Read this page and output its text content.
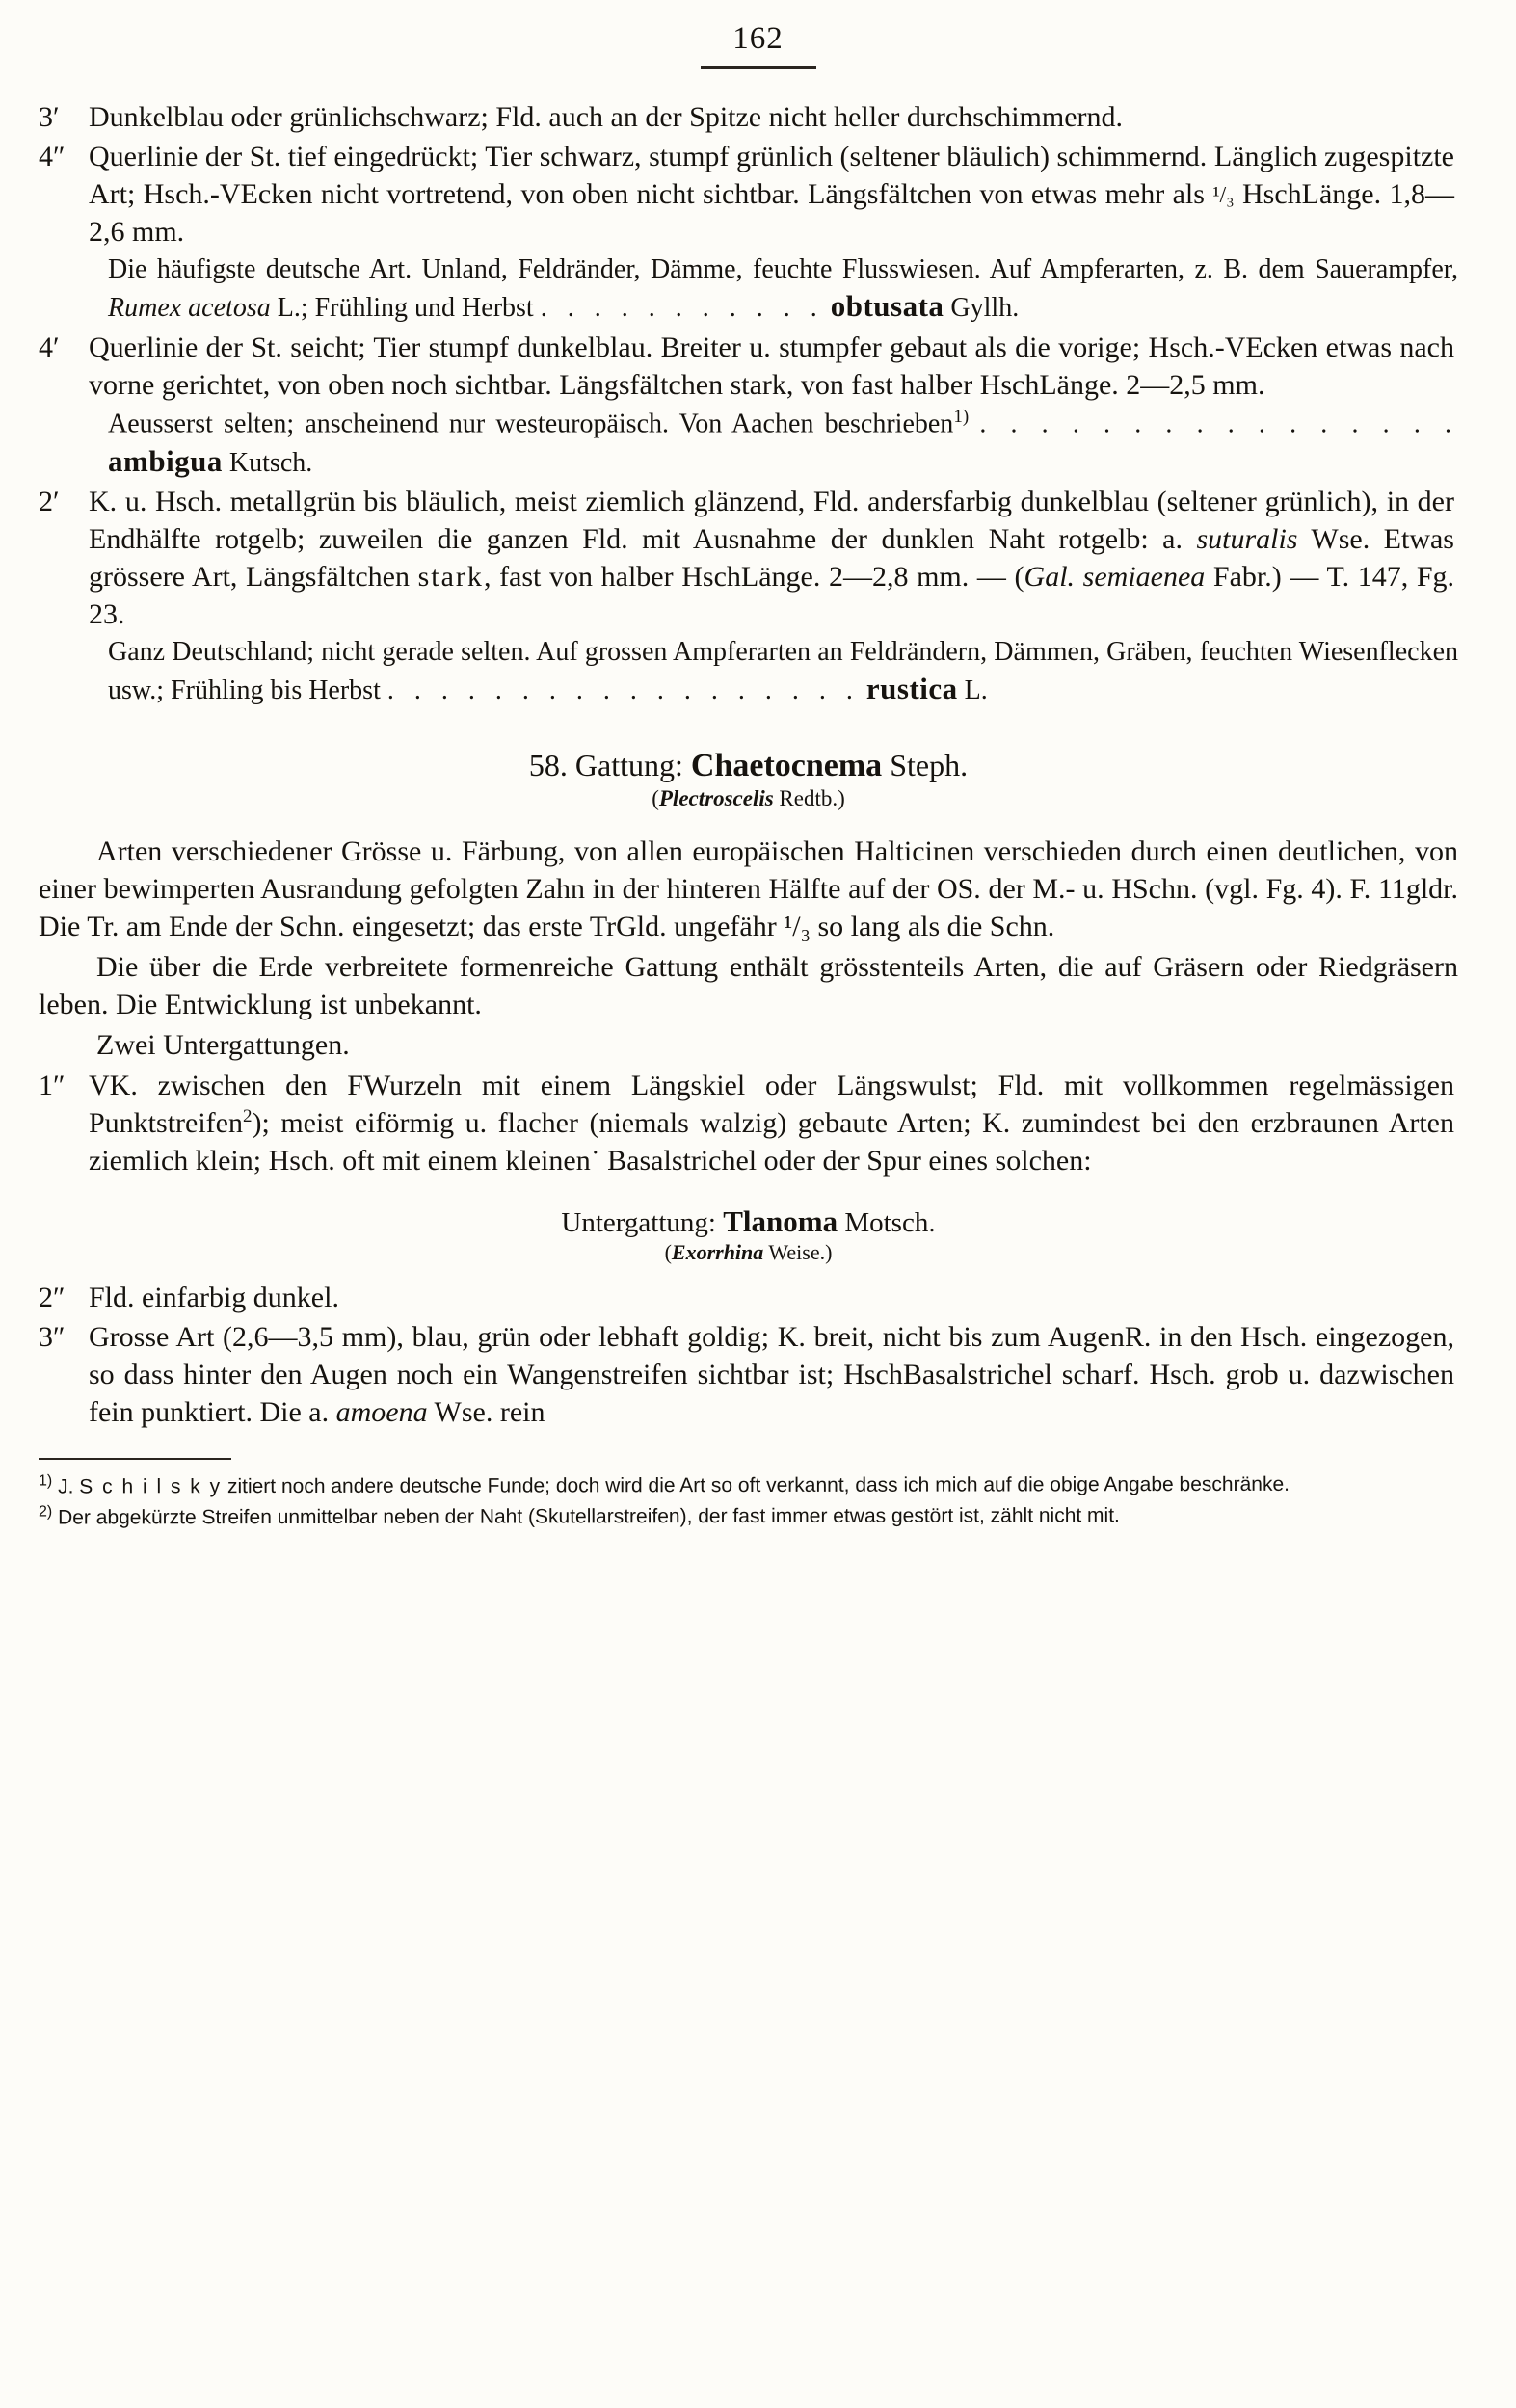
162
3′ Dunkelblau oder grünlichschwarz; Fld. auch an der Spitze nicht heller durchschimmernd.
4″ Querlinie der St. tief eingedrückt; Tier schwarz, stumpf grünlich (seltener bläulich) schimmernd. Länglich zugespitzte Art; Hsch.-VEcken nicht vortretend, von oben nicht sichtbar. Längsfältchen von etwas mehr als ¹/₃ HschLänge. 1,8—2,6 mm.
Die häufigste deutsche Art. Unland, Feldränder, Dämme, feuchte Flusswiesen. Auf Ampferarten, z. B. dem Sauerampfer, Rumex acetosa L.; Frühling und Herbst . . . . . . . . . . . obtusata Gyllh.
4′ Querlinie der St. seicht; Tier stumpf dunkelblau. Breiter u. stumpfer gebaut als die vorige; Hsch.-VEcken etwas nach vorne gerichtet, von oben noch sichtbar. Längsfältchen stark, von fast halber HschLänge. 2—2,5 mm.
Aeusserst selten; anscheinend nur westeuropäisch. Von Aachen beschrieben$^{1)}$ . . . . . . . . . . . . . . . . ambigua Kutsch.
2′ K. u. Hsch. metallgrün bis bläulich, meist ziemlich glänzend, Fld. andersfarbig dunkelblau (seltener grünlich), in der Endhälfte rotgelb; zuweilen die ganzen Fld. mit Ausnahme der dunklen Naht rotgelb: a. suturalis Wse. Etwas grössere Art, Längsfältchen stark, fast von halber HschLänge. 2—2,8 mm. — (Gal. semiaenea Fabr.) — T. 147, Fg. 23.
Ganz Deutschland; nicht gerade selten. Auf grossen Ampferarten an Feldrändern, Dämmen, Gräben, feuchten Wiesenflecken usw.; Frühling bis Herbst . . . . . . . . . . . . . . . . . . rustica L.
58. Gattung: Chaetocnema Steph.
(Plectroscelis Redtb.)
Arten verschiedener Grösse u. Färbung, von allen europäischen Halticinen verschieden durch einen deutlichen, von einer bewimperten Ausrandung gefolgten Zahn in der hinteren Hälfte auf der OS. der M.- u. HSchn. (vgl. Fg. 4). F. 11gldr. Die Tr. am Ende der Schn. eingesetzt; das erste TrGld. ungefähr ¹/₃ so lang als die Schn.
Die über die Erde verbreitete formenreiche Gattung enthält grösstenteils Arten, die auf Gräsern oder Riedgräsern leben. Die Entwicklung ist unbekannt.
Zwei Untergattungen.
1″ VK. zwischen den FWurzeln mit einem Längskiel oder Längswulst; Fld. mit vollkommen regelmässigen Punktstreifen$^2$); meist eiförmig u. flacher (niemals walzig) gebaute Arten; K. zumindest bei den erzbraunen Arten ziemlich klein; Hsch. oft mit einem kleinen˙ Basalstrichel oder der Spur eines solchen:
Untergattung: Tlanoma Motsch.
(Exorrhina Weise.)
2″ Fld. einfarbig dunkel.
3″ Grosse Art (2,6—3,5 mm), blau, grün oder lebhaft goldig; K. breit, nicht bis zum AugenR. in den Hsch. eingezogen, so dass hinter den Augen noch ein Wangenstreifen sichtbar ist; HschBasalstrichel scharf. Hsch. grob u. dazwischen fein punktiert. Die a. amoena Wse. rein
$^{1)}$ J. S c h i l s k y zitiert noch andere deutsche Funde; doch wird die Art so oft verkannt, dass ich mich auf die obige Angabe beschränke.
$^{2)}$ Der abgekürzte Streifen unmittelbar neben der Naht (Skutellarstreifen), der fast immer etwas gestört ist, zählt nicht mit.
